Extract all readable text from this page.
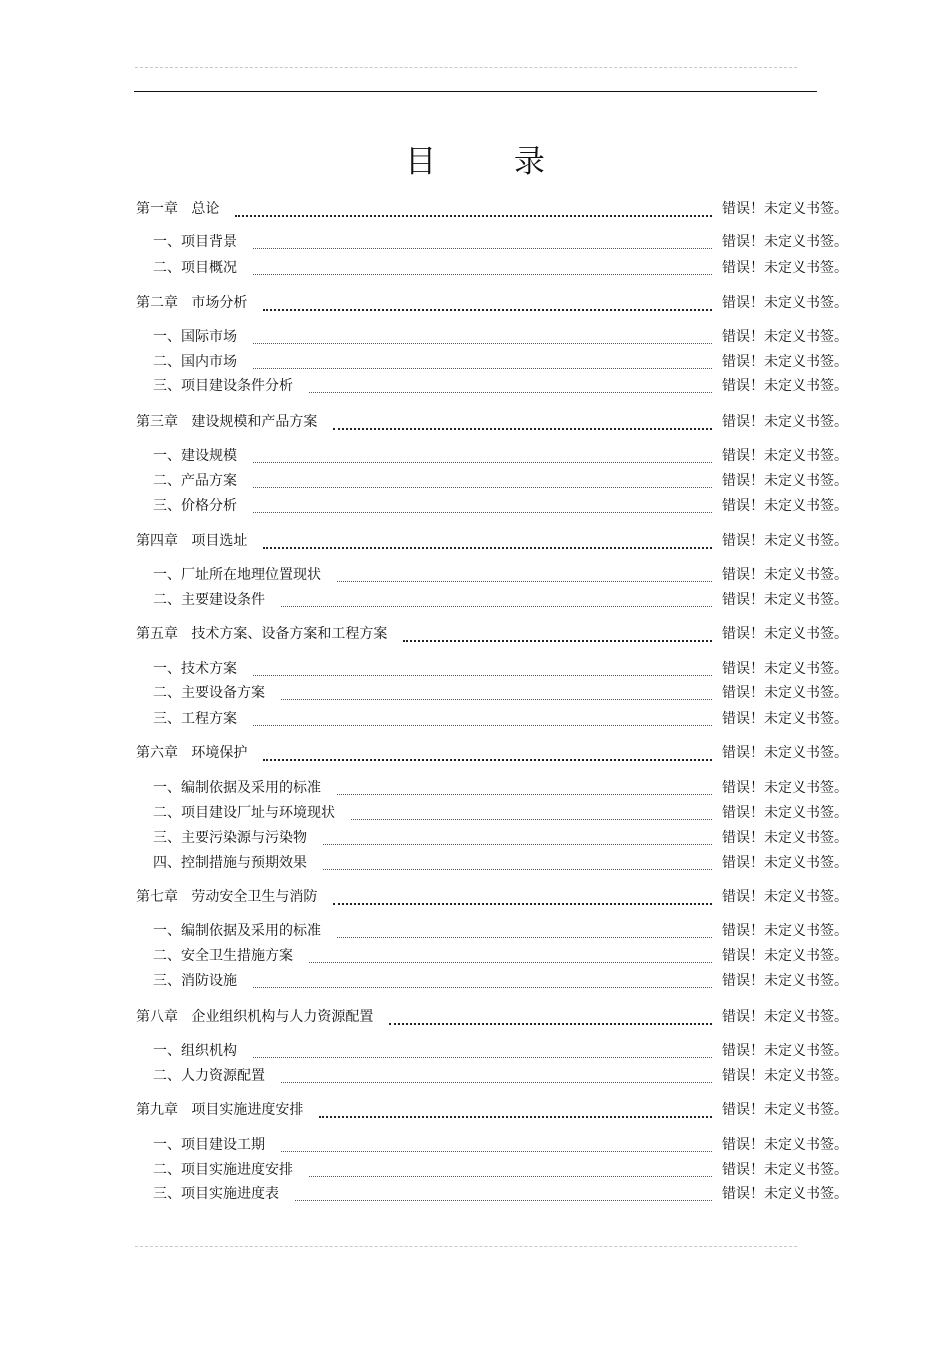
目 录
第一章   总论	错误！未定义书签。
一、项目背景	错误！未定义书签。
二、项目概况	错误！未定义书签。
第二章   市场分析	错误！未定义书签。
一、国际市场	错误！未定义书签。
二、国内市场	错误！未定义书签。
三、项目建设条件分析	错误！未定义书签。
第三章   建设规模和产品方案	错误！未定义书签。
一、建设规模	错误！未定义书签。
二、产品方案	错误！未定义书签。
三、价格分析	错误！未定义书签。
第四章   项目选址	错误！未定义书签。
一、厂址所在地理位置现状	错误！未定义书签。
二、主要建设条件	错误！未定义书签。
第五章   技术方案、设备方案和工程方案	错误！未定义书签。
一、技术方案	错误！未定义书签。
二、主要设备方案	错误！未定义书签。
三、工程方案	错误！未定义书签。
第六章   环境保护	错误！未定义书签。
一、编制依据及采用的标准	错误！未定义书签。
二、项目建设厂址与环境现状	错误！未定义书签。
三、主要污染源与污染物	错误！未定义书签。
四、控制措施与预期效果	错误！未定义书签。
第七章   劳动安全卫生与消防	错误！未定义书签。
一、编制依据及采用的标准	错误！未定义书签。
二、安全卫生措施方案	错误！未定义书签。
三、消防设施	错误！未定义书签。
第八章   企业组织机构与人力资源配置	错误！未定义书签。
一、组织机构	错误！未定义书签。
二、人力资源配置	错误！未定义书签。
第九章   项目实施进度安排	错误！未定义书签。
一、项目建设工期	错误！未定义书签。
二、项目实施进度安排	错误！未定义书签。
三、项目实施进度表	错误！未定义书签。
